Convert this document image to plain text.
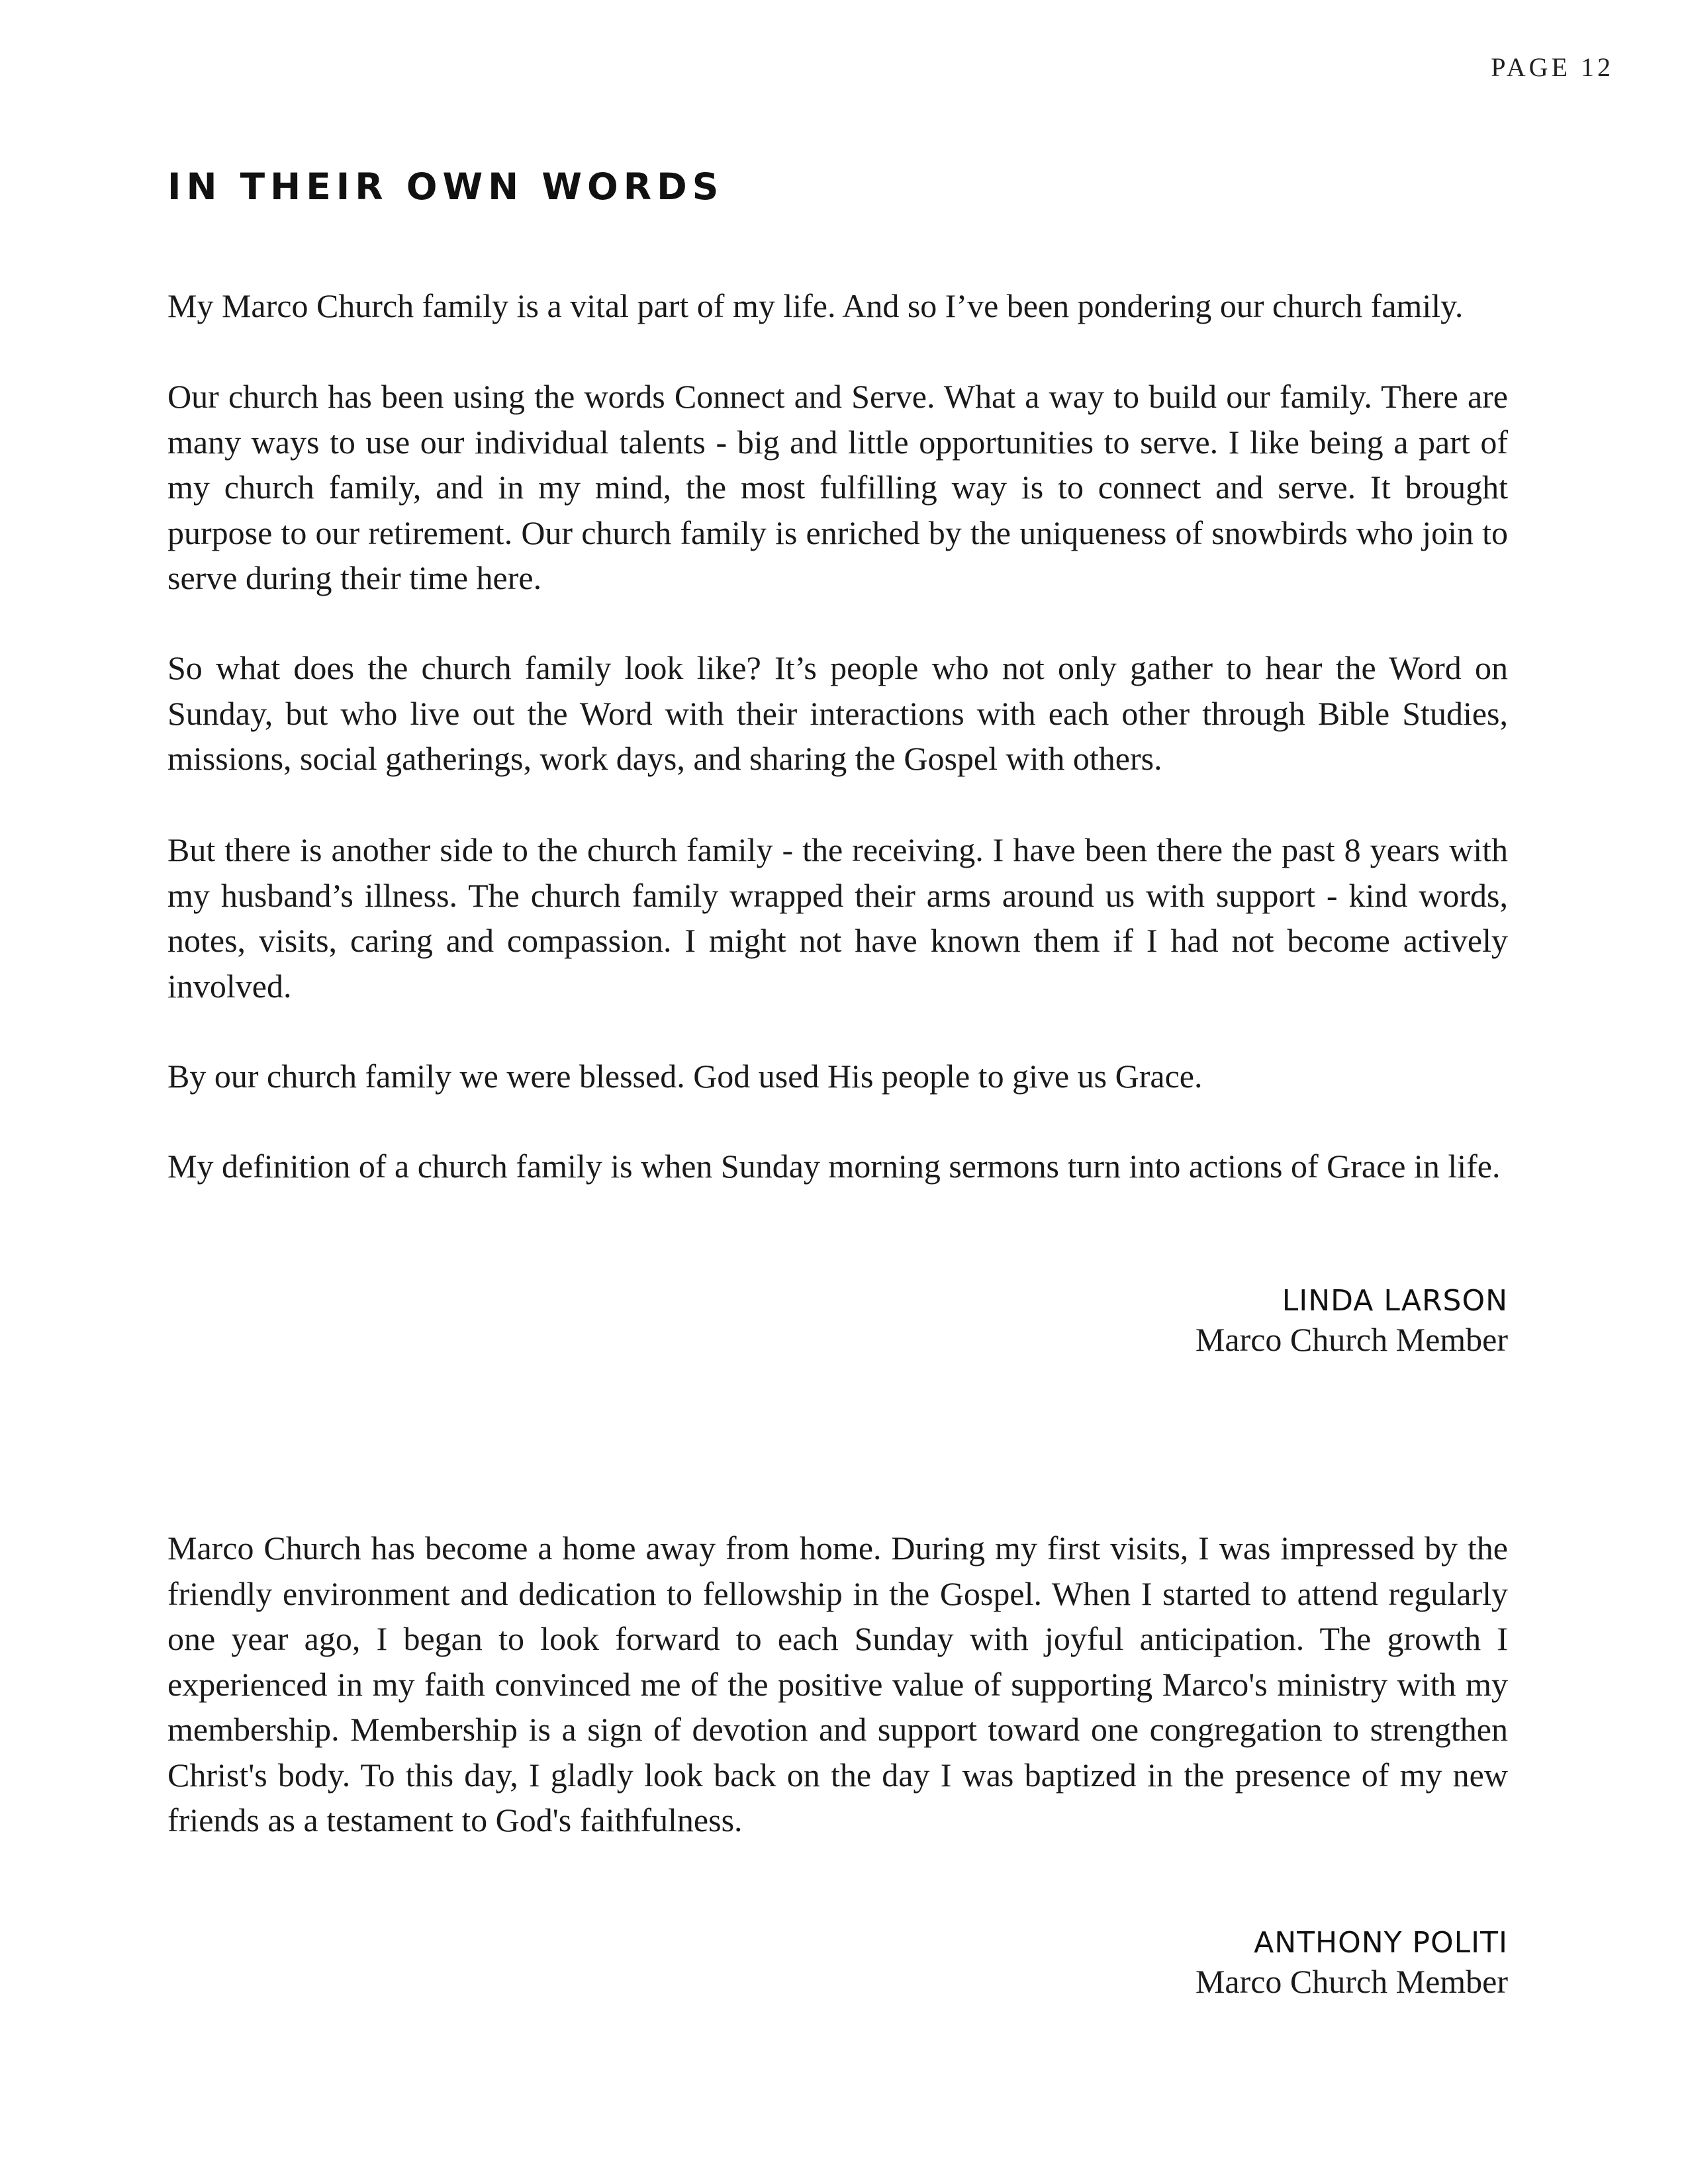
PAGE 12
IN THEIR OWN WORDS

My Marco Church family is a vital part of my life. And so I’ve been pondering our church family.

Our church has been using the words Connect and Serve. What a way to build our family. There are many ways to use our individual talents - big and little opportunities to serve. I like being a part of my church family, and in my mind, the most fulfilling way is to connect and serve. It brought purpose to our retirement. Our church family is enriched by the uniqueness of snowbirds who join to serve during their time here.

So what does the church family look like? It’s people who not only gather to hear the Word on Sunday, but who live out the Word with their interactions with each other through Bible Studies, missions, social gatherings, work days, and sharing the Gospel with others.

But there is another side to the church family - the receiving. I have been there the past 8 years with my husband’s illness. The church family wrapped their arms around us with support - kind words, notes, visits, caring and compassion. I might not have known them if I had not become actively involved.

By our church family we were blessed. God used His people to give us Grace.

My definition of a church family is when Sunday morning sermons turn into actions of Grace in life.

LINDA LARSON
Marco Church Member

Marco Church has become a home away from home. During my first visits, I was impressed by the friendly environment and dedication to fellowship in the Gospel. When I started to attend regularly one year ago, I began to look forward to each Sunday with joyful anticipation. The growth I experienced in my faith convinced me of the positive value of supporting Marco's ministry with my membership. Membership is a sign of devotion and support toward one congregation to strengthen Christ's body. To this day, I gladly look back on the day I was baptized in the presence of my new friends as a testament to God's faithfulness.

ANTHONY POLITI
Marco Church Member
